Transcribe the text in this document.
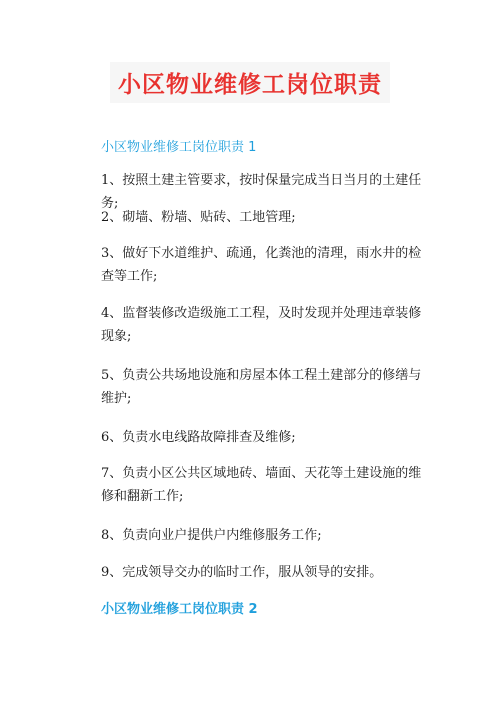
小区物业维修工岗位职责
小区物业维修工岗位职责 1
1、按照土建主管要求，按时保量完成当日当月的土建任务;
2、砌墙、粉墙、贴砖、工地管理;
3、做好下水道维护、疏通，化粪池的清理，雨水井的检查等工作;
4、监督装修改造级施工工程，及时发现并处理违章装修现象;
5、负责公共场地设施和房屋本体工程土建部分的修缮与维护;
6、负责水电线路故障排查及维修;
7、负责小区公共区域地砖、墙面、天花等土建设施的维修和翻新工作;
8、负责向业户提供户内维修服务工作;
9、完成领导交办的临时工作，服从领导的安排。
小区物业维修工岗位职责 2
